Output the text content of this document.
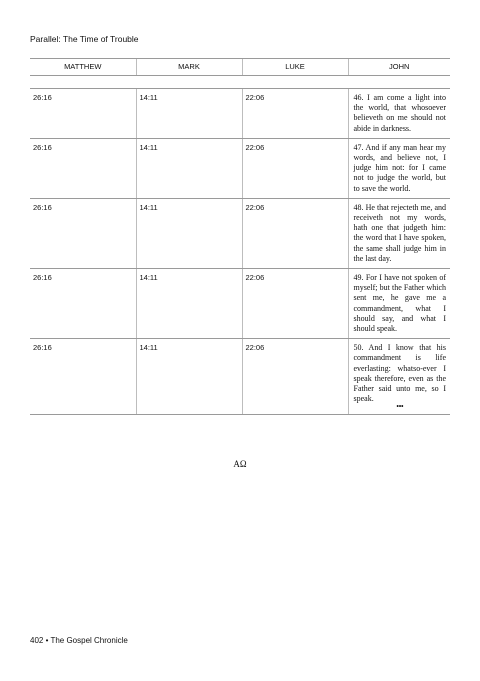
Parallel: The Time of Trouble
MATTHEW	MARK	LUKE	JOHN

26:16	14:11	22:06	46. I am come a light into the world, that whosoever believeth on me should not abide in darkness.
26:16	14:11	22:06	47. And if any man hear my words, and believe not, I judge him not: for I came not to judge the world, but to save the world.
26:16	14:11	22:06	48. He that rejecteth me, and receiveth not my words, hath one that judgeth him: the word that I have spoken, the same shall judge him in the last day.
26:16	14:11	22:06	49. For I have not spoken of myself; but the Father which sent me, he gave me a commandment, what I should say, and what I should speak.
26:16	14:11	22:06	50. And I know that his commandment is life everlasting: whatso-ever I speak therefore, even as the Father said unto me, so I speak.
•••
AΩ
402 • The Gospel Chronicle
